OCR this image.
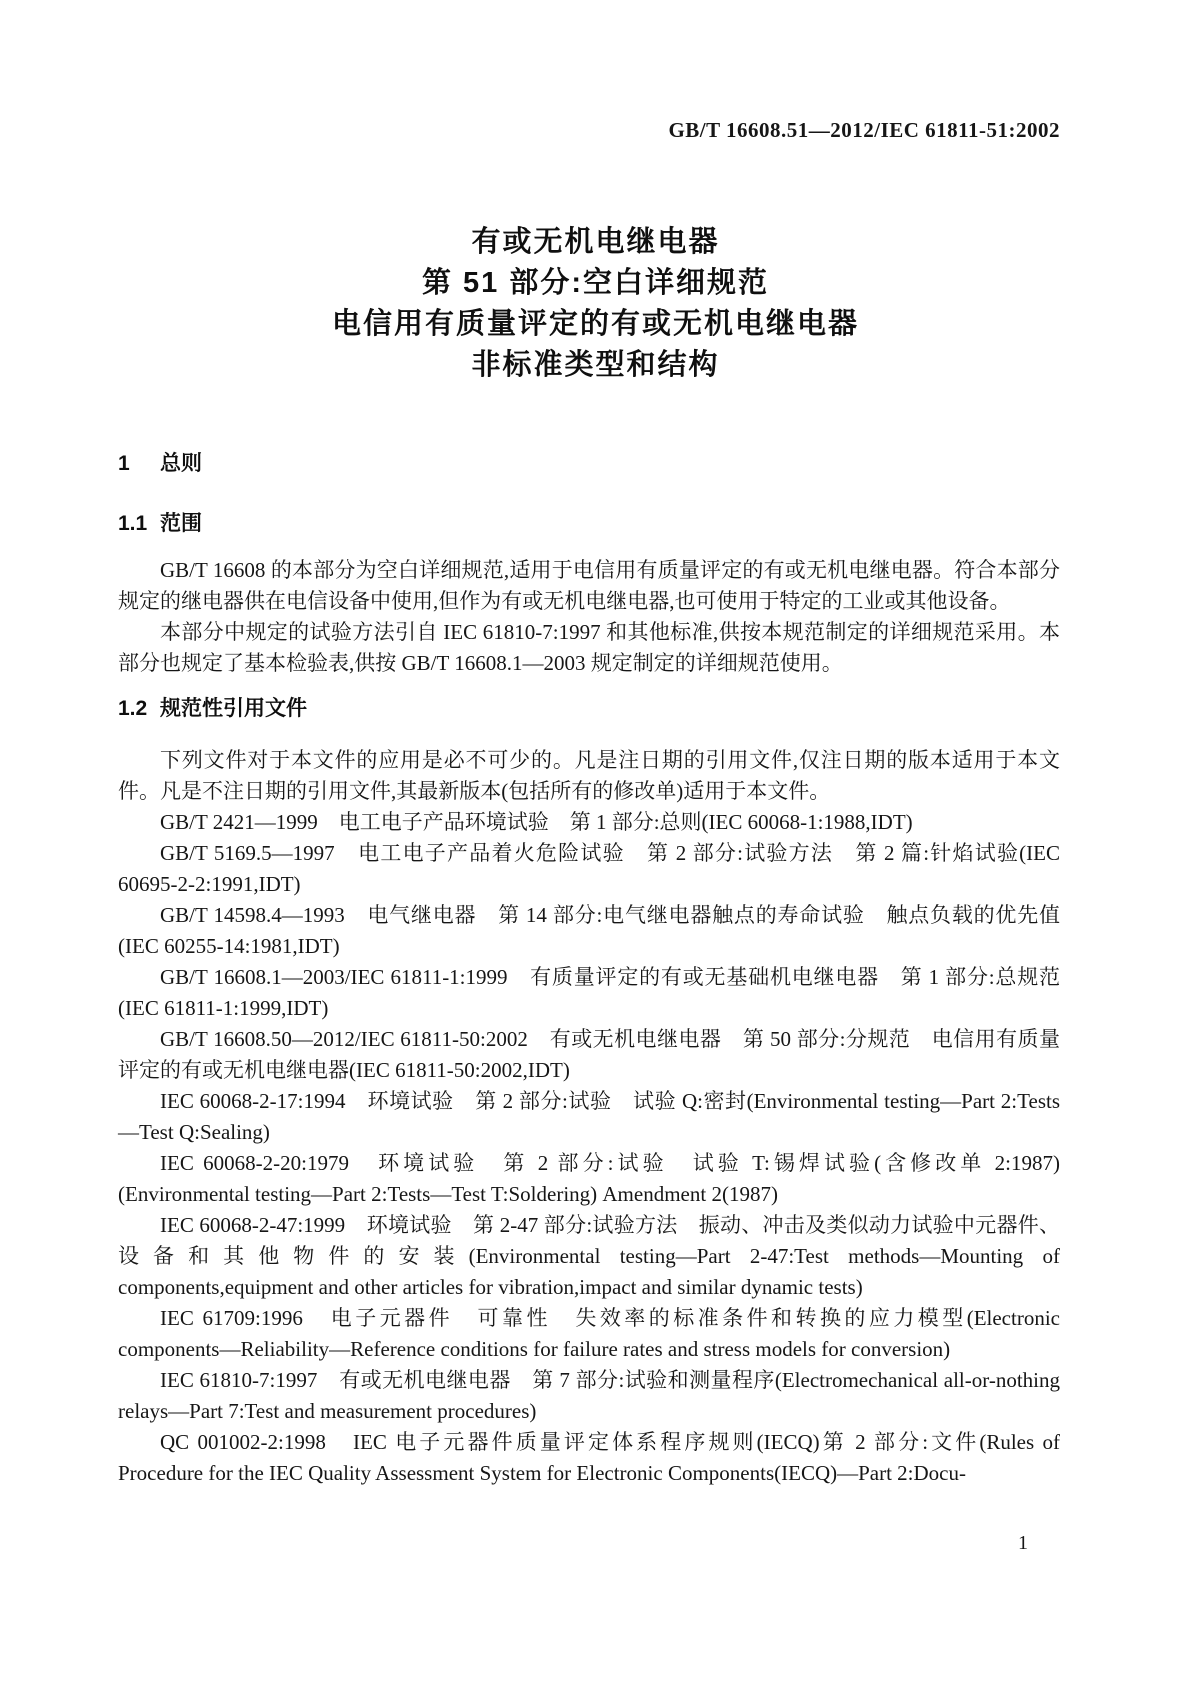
GB/T 16608.51—2012/IEC 61811-51:2002
有或无机电继电器
第 51 部分:空白详细规范
电信用有质量评定的有或无机电继电器
非标准类型和结构
1 总则
1.1 范围

GB/T 16608 的本部分为空白详细规范,适用于电信用有质量评定的有或无机电继电器。符合本部分规定的继电器供在电信设备中使用,但作为有或无机电继电器,也可使用于特定的工业或其他设备。

本部分中规定的试验方法引自 IEC 61810-7:1997 和其他标准,供按本规范制定的详细规范采用。本部分也规定了基本检验表,供按 GB/T 16608.1—2003 规定制定的详细规范使用。

1.2 规范性引用文件

下列文件对于本文件的应用是必不可少的。凡是注日期的引用文件,仅注日期的版本适用于本文件。凡是不注日期的引用文件,其最新版本(包括所有的修改单)适用于本文件。

GB/T 2421—1999　电工电子产品环境试验　第 1 部分:总则(IEC 60068-1:1988,IDT)

GB/T 5169.5—1997　电工电子产品着火危险试验　第 2 部分:试验方法　第 2 篇:针焰试验(IEC 60695-2-2:1991,IDT)

GB/T 14598.4—1993　电气继电器　第 14 部分:电气继电器触点的寿命试验　触点负载的优先值(IEC 60255-14:1981,IDT)

GB/T 16608.1—2003/IEC 61811-1:1999　有质量评定的有或无基础机电继电器　第 1 部分:总规范(IEC 61811-1:1999,IDT)

GB/T 16608.50—2012/IEC 61811-50:2002　有或无机电继电器　第 50 部分:分规范　电信用有质量评定的有或无机电继电器(IEC 61811-50:2002,IDT)

IEC 60068-2-17:1994　环境试验　第 2 部分:试验　试验 Q:密封(Environmental testing—Part 2:Tests—Test Q:Sealing)

IEC 60068-2-20:1979　环境试验　第 2 部分:试验　试验 T:锡焊试验(含修改单 2:1987)(Environmental testing—Part 2:Tests—Test T:Soldering) Amendment 2(1987)

IEC 60068-2-47:1999　环境试验　第 2-47 部分:试验方法　振动、冲击及类似动力试验中元器件、设备和其他物件的安装(Environmental testing—Part 2-47:Test methods—Mounting of components,equipment and other articles for vibration,impact and similar dynamic tests)

IEC 61709:1996　电子元器件　可靠性　失效率的标准条件和转换的应力模型(Electronic components—Reliability—Reference conditions for failure rates and stress models for conversion)

IEC 61810-7:1997　有或无机电继电器　第 7 部分:试验和测量程序(Electromechanical all-or-nothing relays—Part 7:Test and measurement procedures)

QC 001002-2:1998　IEC 电子元器件质量评定体系程序规则(IECQ)第 2 部分:文件(Rules of Procedure for the IEC Quality Assessment System for Electronic Components(IECQ)—Part 2:Docu-

1
